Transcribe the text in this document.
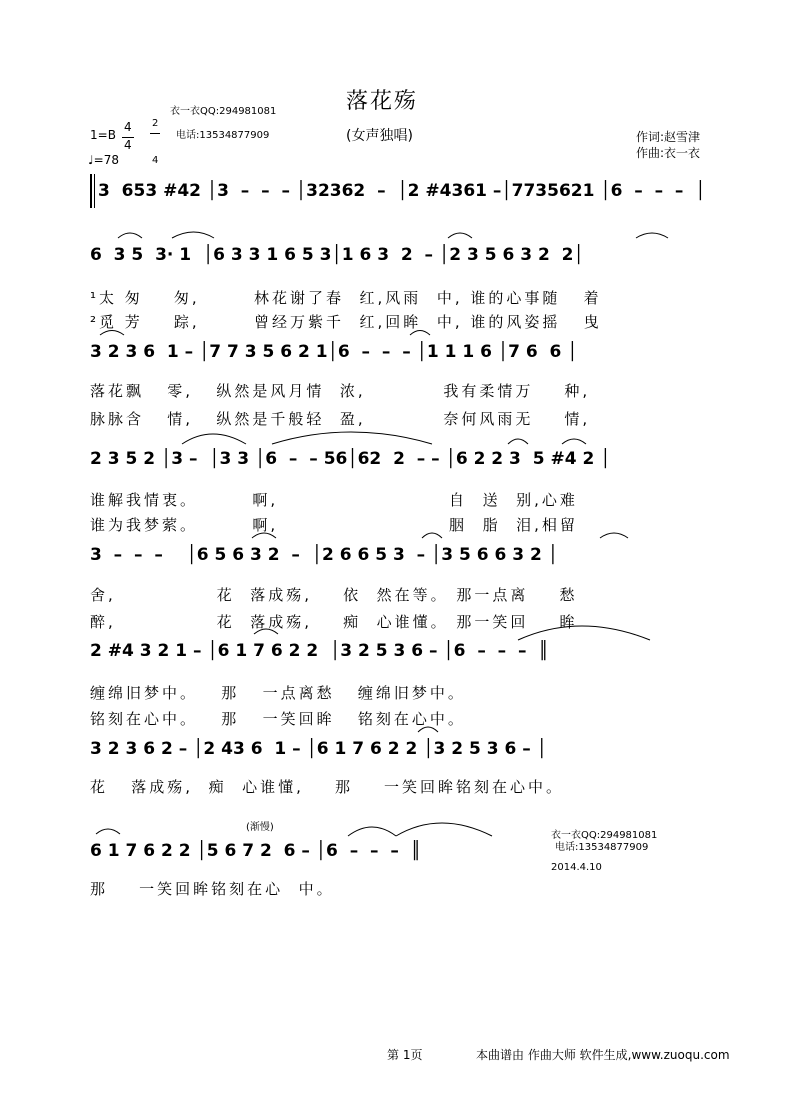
落花殇
(女声独唱)
衣一衣QQ:294981081
电话:13534877909
1=B
4
4
2
4
♩=78
作词:赵雪津
作曲:衣一衣
3  653 #42 │3  –  –  – │32362  –  │2 #4361 –│7735621 │6  –  –  –  │
6  3 5  3· 1  │6 3 3 1 6 5 3│1 6 3  2  – │2 3 5 6 3 2  2│
¹太 匆    匆,       林花谢了春  红,风雨  中, 谁的心事随   着
²觅 芳    踪,       曾经万紫千  红,回眸  中, 谁的风姿摇   曳
3 2 3 6  1 – │7 7 3 5 6 2 1│6  –  –  – │1 1 1 6 │7 6  6 │
落花飘   零,   纵然是风月情  浓,          我有柔情万    种,
脉脉含   情,   纵然是千般轻  盈,          奈何风雨无    情,
2 3 5 2 │3 –  │3 3 │6  –  – 56│62  2  – – │6 2 2 3  5 #4 2 │
谁解我情衷。       啊,                      自  送  别,心难
谁为我梦萦。       啊,                      胭  脂  泪,相留
3  –  –  –    │6 5 6 3 2  –  │2 6 6 5 3  – │3 5 6 6 3 2 │
舍,             花  落成殇,    依  然在等。 那一点离    愁
醉,             花  落成殇,    痴  心谁懂。 那一笑回    眸
2 #4 3 2 1 – │6 1 7 6 2 2  │3 2 5 3 6 – │6  –  –  –  ║
缠绵旧梦中。   那   一点离愁   缠绵旧梦中。
铭刻在心中。   那   一笑回眸   铭刻在心中。
3 2 3 6 2 – │2 43 6  1 – │6 1 7 6 2 2 │3 2 5 3 6 – │
花   落成殇,  痴  心谁懂,    那    一笑回眸铭刻在心中。
(渐慢)
6 1 7 6 2 2 │5 6 7 2  6 – │6  –  –  –  ║
那    一笑回眸铭刻在心  中。
衣一衣QQ:294981081
电话:13534877909
2014.4.10
第 1页	本曲谱由 作曲大师 软件生成,www.zuoqu.com
